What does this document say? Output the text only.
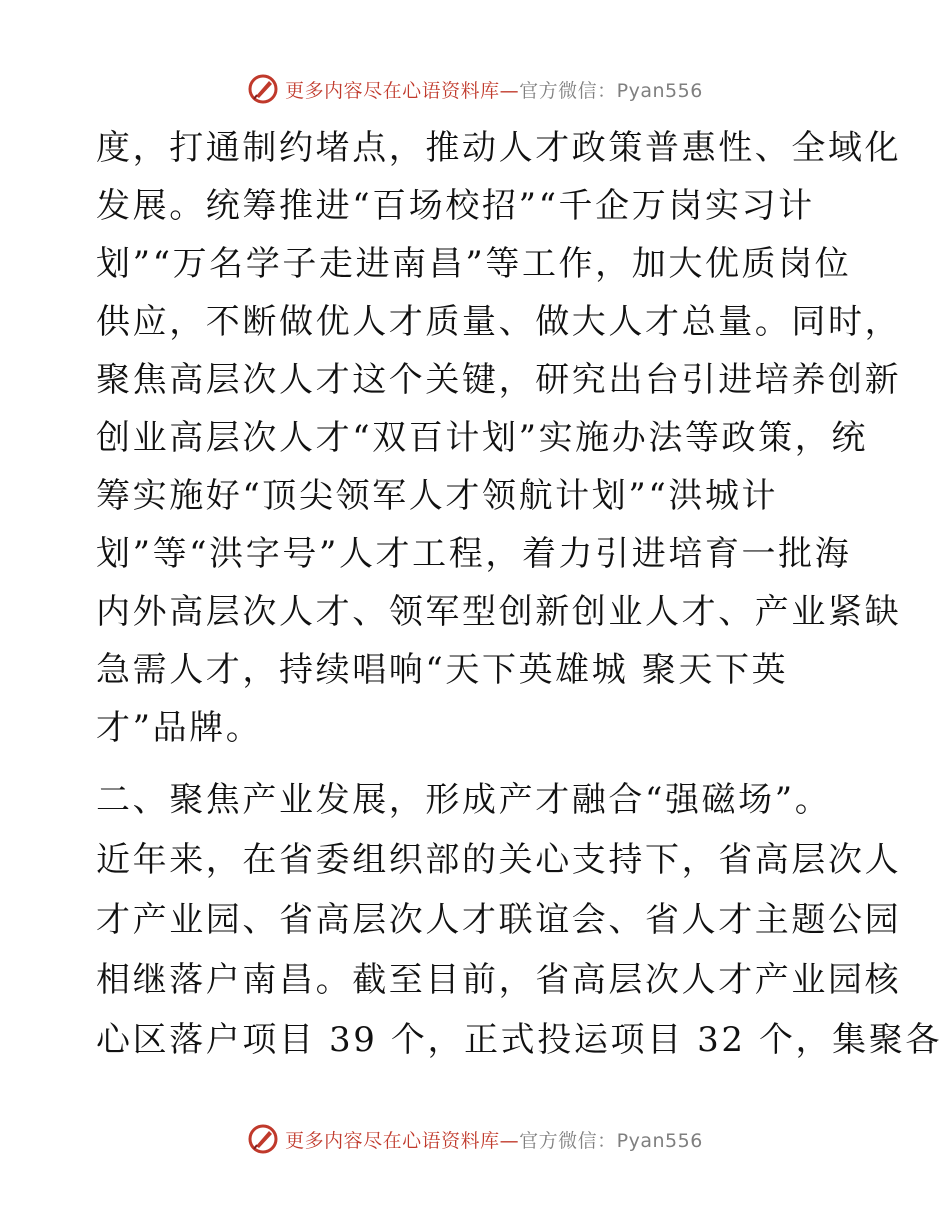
更多内容尽在心语资料库—官方微信：Pyan556
度，打通制约堵点，推动人才政策普惠性、全域化
发展。统筹推进“百场校招”“千企万岗实习计
划”“万名学子走进南昌”等工作，加大优质岗位
供应，不断做优人才质量、做大人才总量。同时，
聚焦高层次人才这个关键，研究出台引进培养创新
创业高层次人才“双百计划”实施办法等政策，统
筹实施好“顶尖领军人才领航计划”“洪城计
划”等“洪字号”人才工程，着力引进培育一批海
内外高层次人才、领军型创新创业人才、产业紧缺
急需人才，持续唱响“天下英雄城 聚天下英
才”品牌。
二、聚焦产业发展，形成产才融合“强磁场”。
近年来，在省委组织部的关心支持下，省高层次人
才产业园、省高层次人才联谊会、省人才主题公园
相继落户南昌。截至目前，省高层次人才产业园核
心区落户项目 39 个，正式投运项目 32 个，集聚各
更多内容尽在心语资料库—官方微信：Pyan556
